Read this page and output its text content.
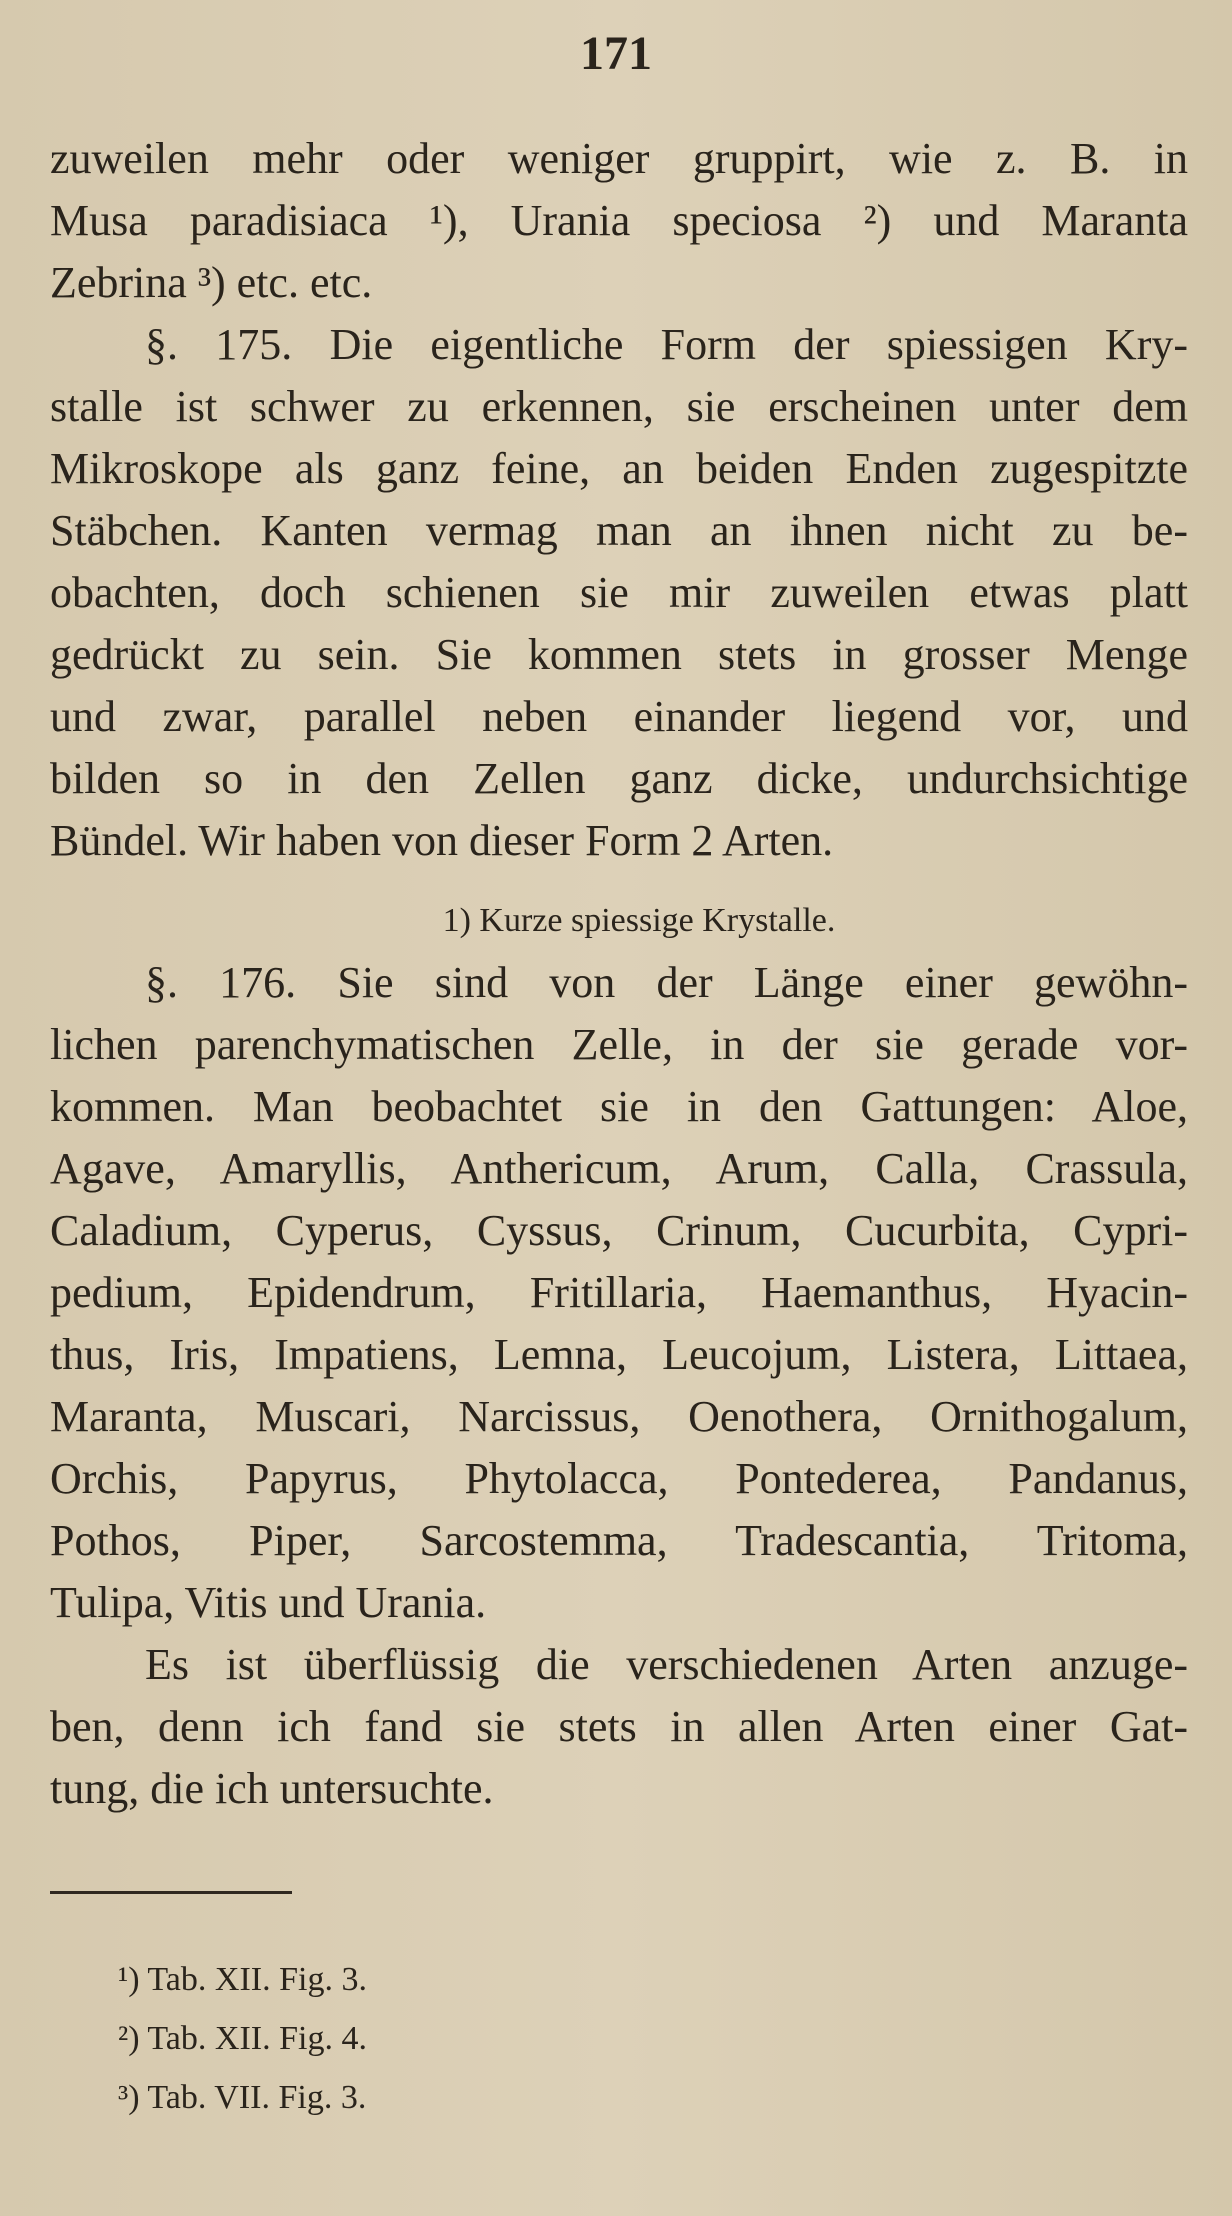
171
zuweilen mehr oder weniger gruppirt, wie z. B. in
Musa paradisiaca ¹), Urania speciosa ²) und Maranta
Zebrina ³) etc. etc.
§. 175. Die eigentliche Form der spiessigen Kry-
stalle ist schwer zu erkennen, sie erscheinen unter dem
Mikroskope als ganz feine, an beiden Enden zugespitzte
Stäbchen. Kanten vermag man an ihnen nicht zu be-
obachten, doch schienen sie mir zuweilen etwas platt
gedrückt zu sein. Sie kommen stets in grosser Menge
und zwar, parallel neben einander liegend vor, und
bilden so in den Zellen ganz dicke, undurchsichtige
Bündel. Wir haben von dieser Form 2 Arten.
1) Kurze spiessige Krystalle.
§. 176. Sie sind von der Länge einer gewöhn-
lichen parenchymatischen Zelle, in der sie gerade vor-
kommen. Man beobachtet sie in den Gattungen: Aloe,
Agave, Amaryllis, Anthericum, Arum, Calla, Crassula,
Caladium, Cyperus, Cyssus, Crinum, Cucurbita, Cypri-
pedium, Epidendrum, Fritillaria, Haemanthus, Hyacin-
thus, Iris, Impatiens, Lemna, Leucojum, Listera, Littaea,
Maranta, Muscari, Narcissus, Oenothera, Ornithogalum,
Orchis, Papyrus, Phytolacca, Pontederea, Pandanus,
Pothos, Piper, Sarcostemma, Tradescantia, Tritoma,
Tulipa, Vitis und Urania.
Es ist überflüssig die verschiedenen Arten anzuge-
ben, denn ich fand sie stets in allen Arten einer Gat-
tung, die ich untersuchte.
¹) Tab. XII. Fig. 3.
²) Tab. XII. Fig. 4.
³) Tab. VII. Fig. 3.
